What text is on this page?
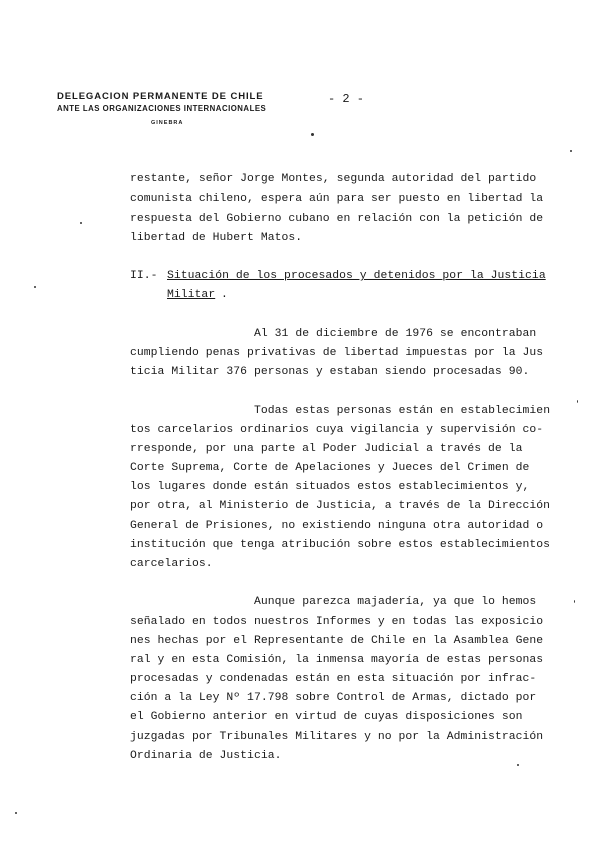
DELEGACION PERMANENTE DE CHILE
ANTE LAS ORGANIZACIONES INTERNACIONALES
GINEBRA
- 2 -
restante, señor Jorge Montes, segunda autoridad del partido
comunista chileno, espera aún para ser puesto en libertad la
respuesta del Gobierno cubano en relación con la petición de
libertad de Hubert Matos.
II.- Situación de los procesados y detenidos por la Justicia
Militar .
Al 31 de diciembre de 1976 se encontraban
cumpliendo penas privativas de libertad impuestas por la Jus
ticia Militar 376 personas y estaban siendo procesadas 90.
Todas estas personas están en establecimien
tos carcelarios ordinarios cuya vigilancia y supervisión co-
rresponde, por una parte al Poder Judicial a través de la
Corte Suprema, Corte de Apelaciones y Jueces del Crimen de
los lugares donde están situados estos establecimientos y,
por otra, al Ministerio de Justicia, a través de la Dirección
General de Prisiones, no existiendo ninguna otra autoridad o
institución que tenga atribución sobre estos establecimientos
carcelarios.
Aunque parezca majadería, ya que lo hemos
señalado en todos nuestros Informes y en todas las exposicio
nes hechas por el Representante de Chile en la Asamblea Gene
ral y en esta Comisión, la inmensa mayoría de estas personas
procesadas y condenadas están en esta situación por infrac-
ción a la Ley Nº 17.798 sobre Control de Armas, dictado por
el Gobierno anterior en virtud de cuyas disposiciones son
juzgadas por Tribunales Militares y no por la Administración
Ordinaria de Justicia.
